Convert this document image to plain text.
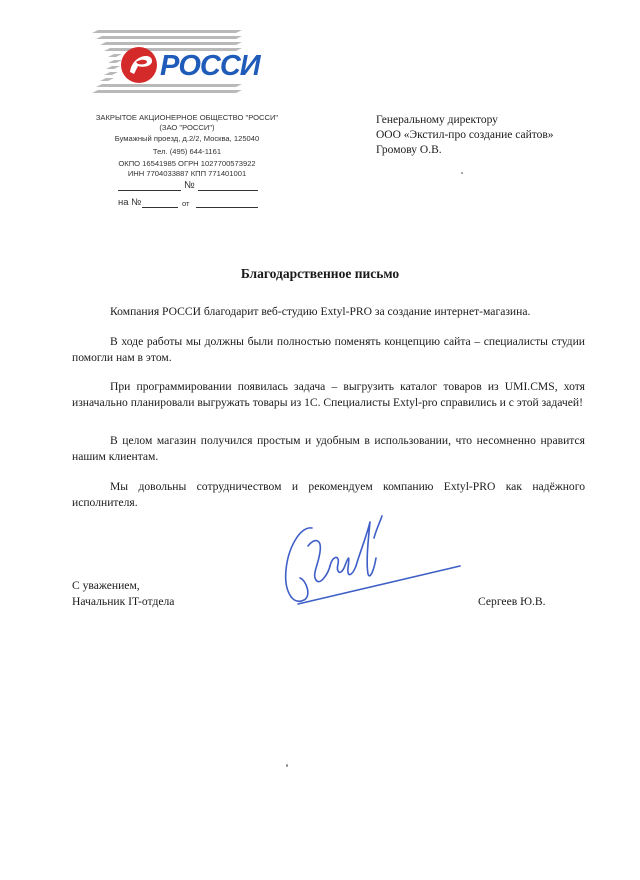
РОССИ
ЗАКРЫТОЕ АКЦИОНЕРНОЕ ОБЩЕСТВО "РОССИ"
(ЗАО "РОССИ")
Бумажный проезд, д.2/2, Москва, 125040
Тел. (495) 644-1161
ОКПО 16541985 ОГРН 1027700573922
ИНН 7704033887 КПП 771401001
№
на №	от
Генеральному директору
ООО «Экстил-про создание сайтов»
Громову О.В.
Благодарственное письмо
Компания РОССИ благодарит веб-студию Extyl-PRO за создание интернет-магазина.
В ходе работы мы должны были полностью поменять концепцию сайта – специалисты студии помогли нам в этом.
При программировании появилась задача – выгрузить каталог товаров из UMI.CMS, хотя изначально планировали выгружать товары из 1С. Специалисты Extyl-pro справились и с этой задачей!
В целом магазин получился простым и удобным в использовании, что несомненно нравится нашим клиентам.
Мы довольны сотрудничеством и рекомендуем компанию Extyl-PRO как надёжного исполнителя.
С уважением,
Начальник IT-отдела	Сергеев Ю.В.
